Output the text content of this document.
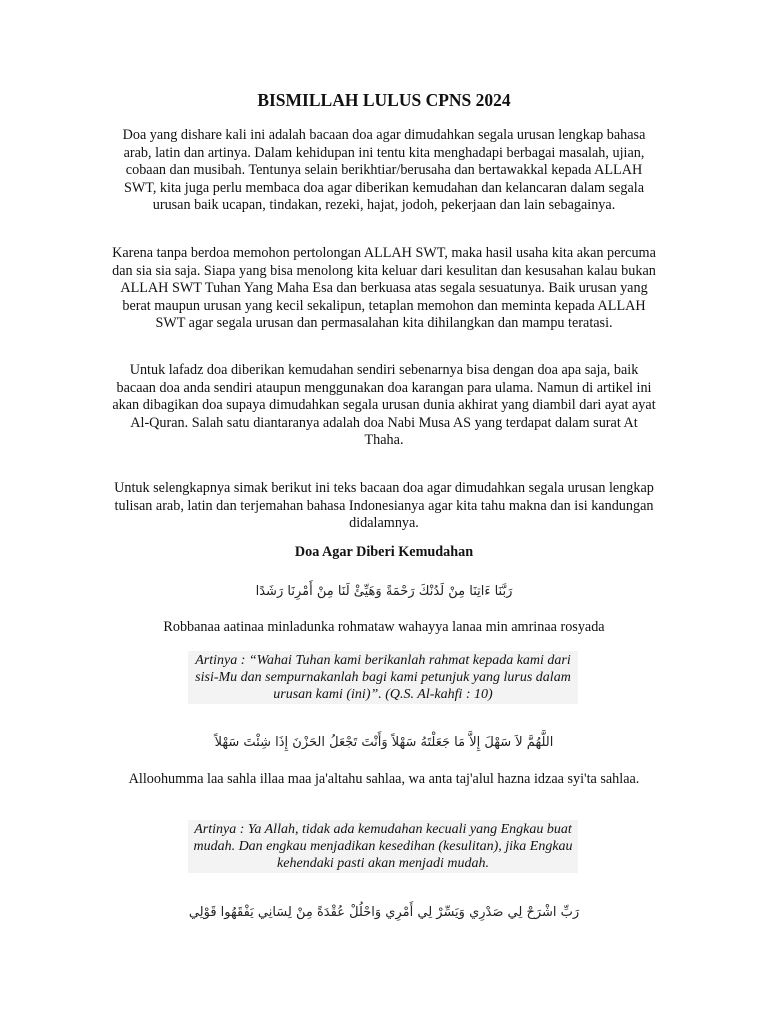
BISMILLAH LULUS CPNS 2024

Doa yang dishare kali ini adalah bacaan doa agar dimudahkan segala urusan lengkap bahasa arab, latin dan artinya. Dalam kehidupan ini tentu kita menghadapi berbagai masalah, ujian, cobaan dan musibah. Tentunya selain berikhtiar/berusaha dan bertawakkal kepada ALLAH SWT, kita juga perlu membaca doa agar diberikan kemudahan dan kelancaran dalam segala urusan baik ucapan, tindakan, rezeki, hajat, jodoh, pekerjaan dan lain sebagainya.

Karena tanpa berdoa memohon pertolongan ALLAH SWT, maka hasil usaha kita akan percuma dan sia sia saja. Siapa yang bisa menolong kita keluar dari kesulitan dan kesusahan kalau bukan ALLAH SWT Tuhan Yang Maha Esa dan berkuasa atas segala sesuatunya. Baik urusan yang berat maupun urusan yang kecil sekalipun, tetaplan memohon dan meminta kepada ALLAH SWT agar segala urusan dan permasalahan kita dihilangkan dan mampu teratasi.

Untuk lafadz doa diberikan kemudahan sendiri sebenarnya bisa dengan doa apa saja, baik bacaan doa anda sendiri ataupun menggunakan doa karangan para ulama. Namun di artikel ini akan dibagikan doa supaya dimudahkan segala urusan dunia akhirat yang diambil dari ayat ayat Al-Quran. Salah satu diantaranya adalah doa Nabi Musa AS yang terdapat dalam surat At Thaha.

Untuk selengkapnya simak berikut ini teks bacaan doa agar dimudahkan segala urusan lengkap tulisan arab, latin dan terjemahan bahasa Indonesianya agar kita tahu makna dan isi kandungan didalamnya.

Doa Agar Diberi Kemudahan

رَبَّنَا ءَاتِنَا مِنْ لَدُنْكَ رَحْمَةً وَهَيِّئْ لَنَا مِنْ أَمْرِنَا رَشَدًا

Robbanaa aatinaa minladunka rohmataw wahayya lanaa min amrinaa rosyada

Artinya : “Wahai Tuhan kami berikanlah rahmat kepada kami dari sisi-Mu dan sempurnakanlah bagi kami petunjuk yang lurus dalam urusan kami (ini)”. (Q.S. Al-kahfi : 10)

اللَّهُمَّ لاَ سَهْلَ إِلاَّ مَا جَعَلْتَهُ سَهْلاً وَأَنْتَ تَجْعَلُ الحَزْنَ إِذَا شِئْتَ سَهْلاً

Alloohumma laa sahla illaa maa ja'altahu sahlaa, wa anta taj'alul hazna idzaa syi'ta sahlaa.

Artinya : Ya Allah, tidak ada kemudahan kecuali yang Engkau buat mudah. Dan engkau menjadikan kesedihan (kesulitan), jika Engkau kehendaki pasti akan menjadi mudah.

رَبِّ اشْرَحْ لِي صَدْرِي وَيَسِّرْ لِي أَمْرِي وَاحْلُلْ عُقْدَةً مِنْ لِسَانِي يَفْقَهُوا قَوْلِي
